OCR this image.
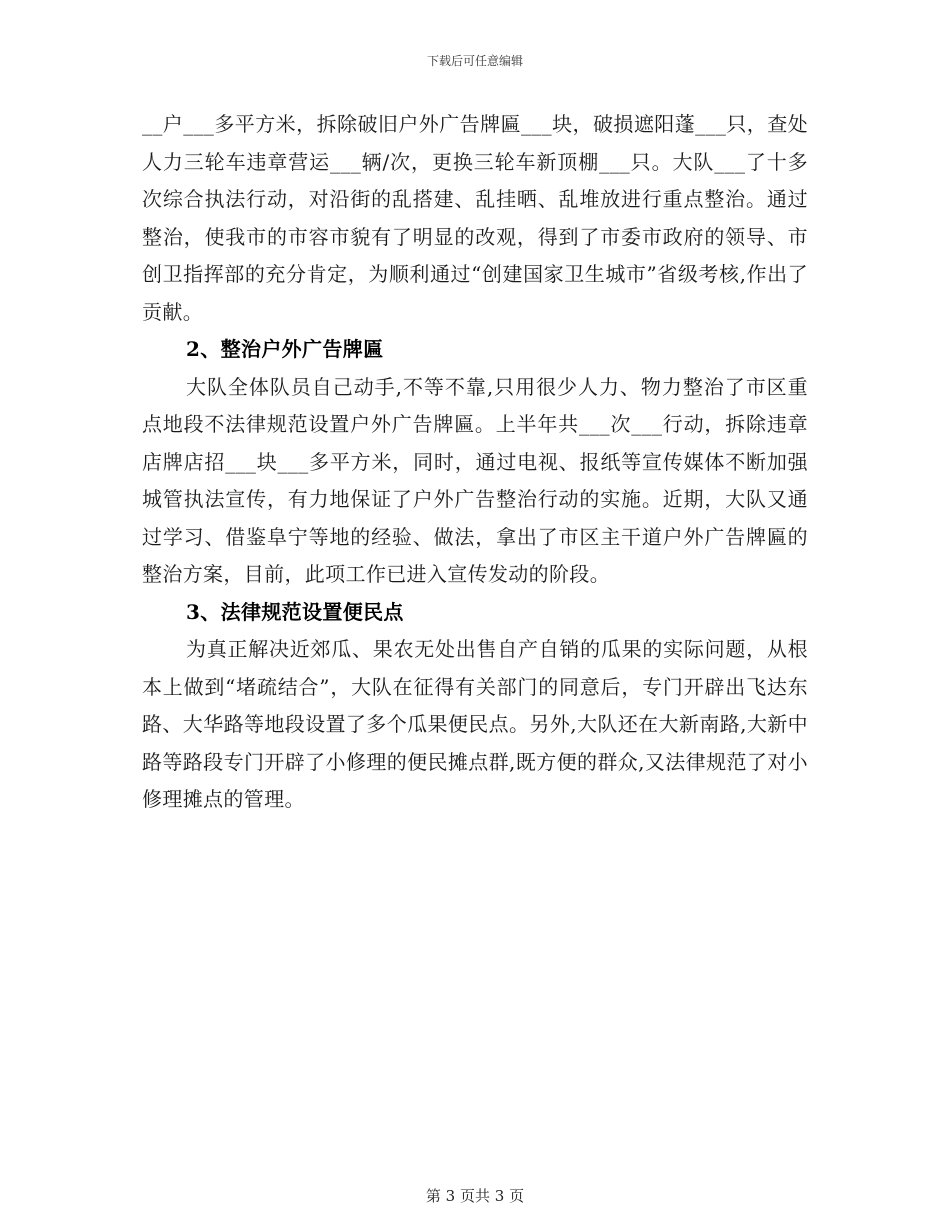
下载后可任意编辑

__户___多平方米，拆除破旧户外广告牌匾___块，破损遮阳蓬___只，查处人力三轮车违章营运___辆/次，更换三轮车新顶棚___只。大队___了十多次综合执法行动，对沿街的乱搭建、乱挂晒、乱堆放进行重点整治。通过整治，使我市的市容市貌有了明显的改观，得到了市委市政府的领导、市创卫指挥部的充分肯定，为顺利通过“创建国家卫生城市”省级考核,作出了贡献。

2、整治户外广告牌匾

大队全体队员自己动手,不等不靠,只用很少人力、物力整治了市区重点地段不法律规范设置户外广告牌匾。上半年共___次___行动，拆除违章店牌店招___块___多平方米，同时，通过电视、报纸等宣传媒体不断加强城管执法宣传，有力地保证了户外广告整治行动的实施。近期，大队又通过学习、借鉴阜宁等地的经验、做法，拿出了市区主干道户外广告牌匾的整治方案，目前，此项工作已进入宣传发动的阶段。

3、法律规范设置便民点

为真正解决近郊瓜、果农无处出售自产自销的瓜果的实际问题，从根本上做到“堵疏结合”，大队在征得有关部门的同意后，专门开辟出飞达东路、大华路等地段设置了多个瓜果便民点。另外,大队还在大新南路,大新中路等路段专门开辟了小修理的便民摊点群,既方便的群众,又法律规范了对小修理摊点的管理。

第 3 页共 3 页
